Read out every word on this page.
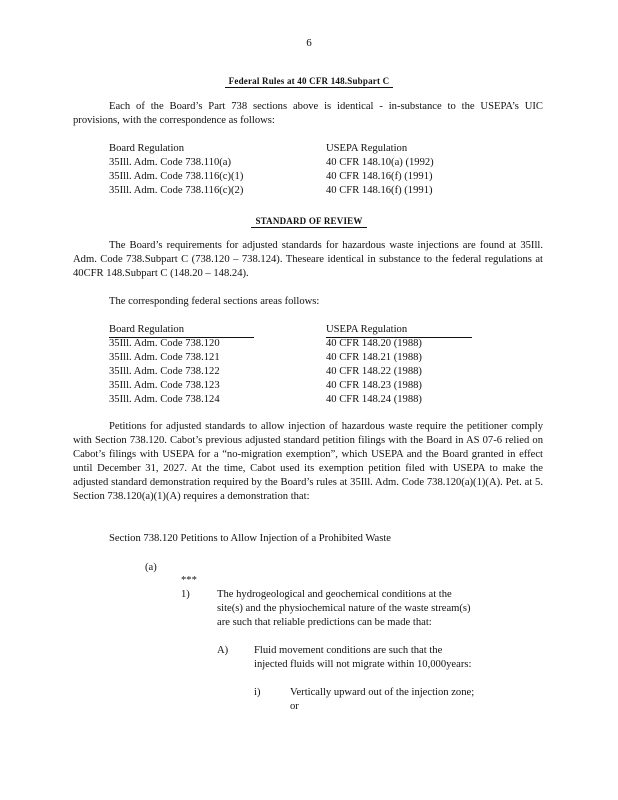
6
Federal Rules at 40 CFR 148.Subpart C
Each of the Board’s Part 738 sections above is identical - in-substance to the USEPA’s UIC provisions, with the correspondence as follows:
Board Regulation	USEPA Regulation
35Ill. Adm. Code 738.110(a)	40 CFR 148.10(a) (1992)
35Ill. Adm. Code 738.116(c)(1)	40 CFR 148.16(f) (1991)
35Ill. Adm. Code 738.116(c)(2)	40 CFR 148.16(f) (1991)
STANDARD OF REVIEW
The Board’s requirements for adjusted standards for hazardous waste injections are found at 35Ill. Adm. Code 738.Subpart C (738.120 – 738.124). Theseare identical in substance to the federal regulations at 40CFR 148.Subpart C (148.20 – 148.24).
The corresponding federal sections areas follows:
Board Regulation	USEPA Regulation
35Ill. Adm. Code 738.120	40 CFR 148.20 (1988)
35Ill. Adm. Code 738.121	40 CFR 148.21 (1988)
35Ill. Adm. Code 738.122	40 CFR 148.22 (1988)
35Ill. Adm. Code 738.123	40 CFR 148.23 (1988)
35Ill. Adm. Code 738.124	40 CFR 148.24 (1988)
Petitions for adjusted standards to allow injection of hazardous waste require the petitioner comply with Section 738.120. Cabot’s previous adjusted standard petition filings with the Board in AS 07-6 relied on Cabot’s filings with USEPA for a “no-migration exemption”, which USEPA and the Board granted in effect until December 31, 2027. At the time, Cabot used its exemption petition filed with USEPA to make the adjusted standard demonstration required by the Board’s rules at 35Ill. Adm. Code 738.120(a)(1)(A). Pet. at 5. Section 738.120(a)(1)(A) requires a demonstration that:
Section 738.120 Petitions to Allow Injection of a Prohibited Waste
(a)
***
1)	The hydrogeological and geochemical conditions at the
site(s) and the physiochemical nature of the waste stream(s)
are such that reliable predictions can be made that:
A) Fluid movement conditions are such that the
injected fluids will not migrate within 10,000years:
i)	Vertically upward out of the injection zone;
or
